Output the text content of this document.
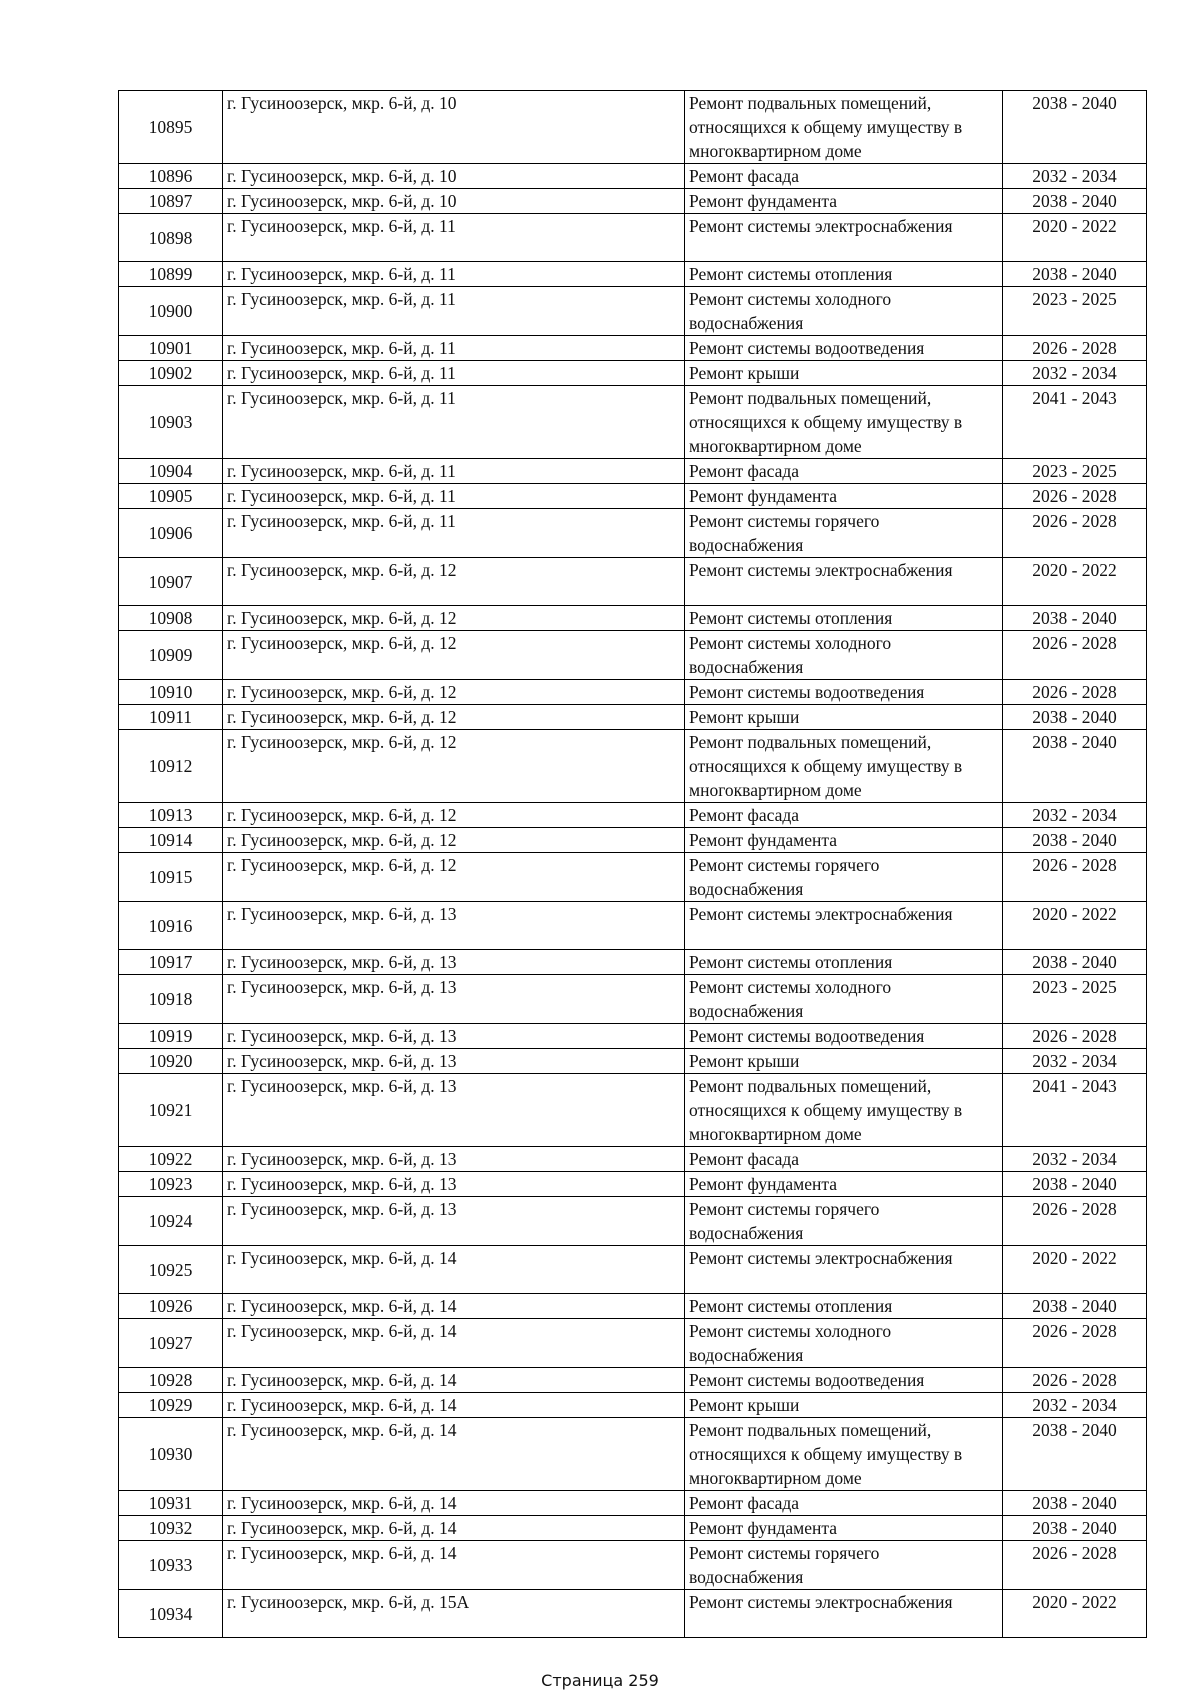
10895	г. Гусиноозерск, мкр. 6-й, д. 10	Ремонт подвальных помещений,
относящихся к общему имуществу в
многоквартирном доме	2038 - 2040
10896	г. Гусиноозерск, мкр. 6-й, д. 10	Ремонт фасада	2032 - 2034
10897	г. Гусиноозерск, мкр. 6-й, д. 10	Ремонт фундамента	2038 - 2040
10898	г. Гусиноозерск, мкр. 6-й, д. 11	Ремонт системы электроснабжения	2020 - 2022
10899	г. Гусиноозерск, мкр. 6-й, д. 11	Ремонт системы отопления	2038 - 2040
10900	г. Гусиноозерск, мкр. 6-й, д. 11	Ремонт системы холодного
водоснабжения	2023 - 2025
10901	г. Гусиноозерск, мкр. 6-й, д. 11	Ремонт системы водоотведения	2026 - 2028
10902	г. Гусиноозерск, мкр. 6-й, д. 11	Ремонт крыши	2032 - 2034
10903	г. Гусиноозерск, мкр. 6-й, д. 11	Ремонт подвальных помещений,
относящихся к общему имуществу в
многоквартирном доме	2041 - 2043
10904	г. Гусиноозерск, мкр. 6-й, д. 11	Ремонт фасада	2023 - 2025
10905	г. Гусиноозерск, мкр. 6-й, д. 11	Ремонт фундамента	2026 - 2028
10906	г. Гусиноозерск, мкр. 6-й, д. 11	Ремонт системы горячего
водоснабжения	2026 - 2028
10907	г. Гусиноозерск, мкр. 6-й, д. 12	Ремонт системы электроснабжения	2020 - 2022
10908	г. Гусиноозерск, мкр. 6-й, д. 12	Ремонт системы отопления	2038 - 2040
10909	г. Гусиноозерск, мкр. 6-й, д. 12	Ремонт системы холодного
водоснабжения	2026 - 2028
10910	г. Гусиноозерск, мкр. 6-й, д. 12	Ремонт системы водоотведения	2026 - 2028
10911	г. Гусиноозерск, мкр. 6-й, д. 12	Ремонт крыши	2038 - 2040
10912	г. Гусиноозерск, мкр. 6-й, д. 12	Ремонт подвальных помещений,
относящихся к общему имуществу в
многоквартирном доме	2038 - 2040
10913	г. Гусиноозерск, мкр. 6-й, д. 12	Ремонт фасада	2032 - 2034
10914	г. Гусиноозерск, мкр. 6-й, д. 12	Ремонт фундамента	2038 - 2040
10915	г. Гусиноозерск, мкр. 6-й, д. 12	Ремонт системы горячего
водоснабжения	2026 - 2028
10916	г. Гусиноозерск, мкр. 6-й, д. 13	Ремонт системы электроснабжения	2020 - 2022
10917	г. Гусиноозерск, мкр. 6-й, д. 13	Ремонт системы отопления	2038 - 2040
10918	г. Гусиноозерск, мкр. 6-й, д. 13	Ремонт системы холодного
водоснабжения	2023 - 2025
10919	г. Гусиноозерск, мкр. 6-й, д. 13	Ремонт системы водоотведения	2026 - 2028
10920	г. Гусиноозерск, мкр. 6-й, д. 13	Ремонт крыши	2032 - 2034
10921	г. Гусиноозерск, мкр. 6-й, д. 13	Ремонт подвальных помещений,
относящихся к общему имуществу в
многоквартирном доме	2041 - 2043
10922	г. Гусиноозерск, мкр. 6-й, д. 13	Ремонт фасада	2032 - 2034
10923	г. Гусиноозерск, мкр. 6-й, д. 13	Ремонт фундамента	2038 - 2040
10924	г. Гусиноозерск, мкр. 6-й, д. 13	Ремонт системы горячего
водоснабжения	2026 - 2028
10925	г. Гусиноозерск, мкр. 6-й, д. 14	Ремонт системы электроснабжения	2020 - 2022
10926	г. Гусиноозерск, мкр. 6-й, д. 14	Ремонт системы отопления	2038 - 2040
10927	г. Гусиноозерск, мкр. 6-й, д. 14	Ремонт системы холодного
водоснабжения	2026 - 2028
10928	г. Гусиноозерск, мкр. 6-й, д. 14	Ремонт системы водоотведения	2026 - 2028
10929	г. Гусиноозерск, мкр. 6-й, д. 14	Ремонт крыши	2032 - 2034
10930	г. Гусиноозерск, мкр. 6-й, д. 14	Ремонт подвальных помещений,
относящихся к общему имуществу в
многоквартирном доме	2038 - 2040
10931	г. Гусиноозерск, мкр. 6-й, д. 14	Ремонт фасада	2038 - 2040
10932	г. Гусиноозерск, мкр. 6-й, д. 14	Ремонт фундамента	2038 - 2040
10933	г. Гусиноозерск, мкр. 6-й, д. 14	Ремонт системы горячего
водоснабжения	2026 - 2028
10934	г. Гусиноозерск, мкр. 6-й, д. 15А	Ремонт системы электроснабжения	2020 - 2022
Страница 259
